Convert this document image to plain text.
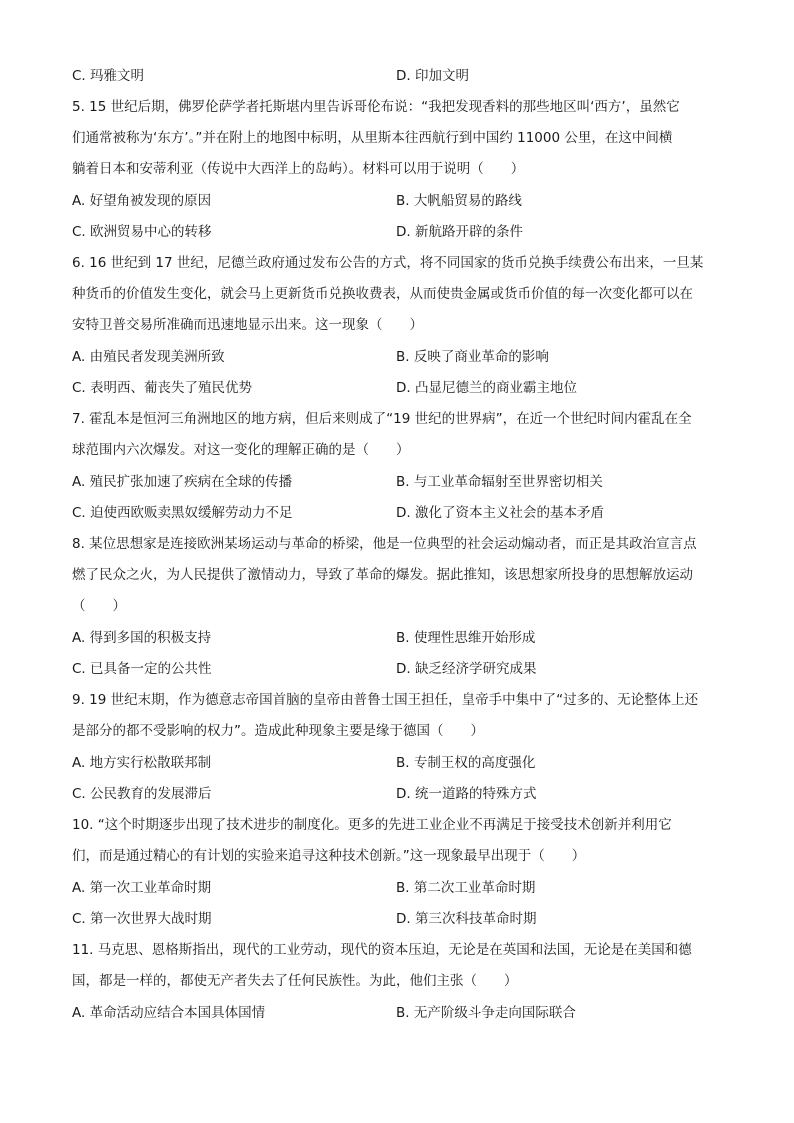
C. 玛雅文明	D. 印加文明
5. 15 世纪后期，佛罗伦萨学者托斯堪内里告诉哥伦布说：“我把发现香料的那些地区叫‘西方’，虽然它
们通常被称为‘东方’。”并在附上的地图中标明，从里斯本往西航行到中国约 11000 公里，在这中间横
躺着日本和安蒂利亚（传说中大西洋上的岛屿）。材料可以用于说明（　　）
A. 好望角被发现的原因	B. 大帆船贸易的路线
C. 欧洲贸易中心的转移	D. 新航路开辟的条件
6. 16 世纪到 17 世纪，尼德兰政府通过发布公告的方式，将不同国家的货币兑换手续费公布出来，一旦某
种货币的价值发生变化，就会马上更新货币兑换收费表，从而使贵金属或货币价值的每一次变化都可以在
安特卫普交易所准确而迅速地显示出来。这一现象（　　）
A. 由殖民者发现美洲所致	B. 反映了商业革命的影响
C. 表明西、葡丧失了殖民优势	D. 凸显尼德兰的商业霸主地位
7. 霍乱本是恒河三角洲地区的地方病，但后来则成了“19 世纪的世界病”，在近一个世纪时间内霍乱在全
球范围内六次爆发。对这一变化的理解正确的是（　　）
A. 殖民扩张加速了疾病在全球的传播	B. 与工业革命辐射至世界密切相关
C. 迫使西欧贩卖黑奴缓解劳动力不足	D. 激化了资本主义社会的基本矛盾
8. 某位思想家是连接欧洲某场运动与革命的桥梁，他是一位典型的社会运动煽动者，而正是其政治宣言点
燃了民众之火，为人民提供了激情动力，导致了革命的爆发。据此推知，该思想家所投身的思想解放运动
（　　）
A. 得到多国的积极支持	B. 使理性思维开始形成
C. 已具备一定的公共性	D. 缺乏经济学研究成果
9. 19 世纪末期，作为德意志帝国首脑的皇帝由普鲁士国王担任，皇帝手中集中了“过多的、无论整体上还
是部分的都不受影响的权力”。造成此种现象主要是缘于德国（　　）
A. 地方实行松散联邦制	B. 专制王权的高度强化
C. 公民教育的发展滞后	D. 统一道路的特殊方式
10. “这个时期逐步出现了技术进步的制度化。更多的先进工业企业不再满足于接受技术创新并利用它
们，而是通过精心的有计划的实验来追寻这种技术创新。”这一现象最早出现于（　　）
A. 第一次工业革命时期	B. 第二次工业革命时期
C. 第一次世界大战时期	D. 第三次科技革命时期
11. 马克思、恩格斯指出，现代的工业劳动，现代的资本压迫，无论是在英国和法国，无论是在美国和德
国，都是一样的，都使无产者失去了任何民族性。为此，他们主张（　　）
A. 革命活动应结合本国具体国情	B. 无产阶级斗争走向国际联合
